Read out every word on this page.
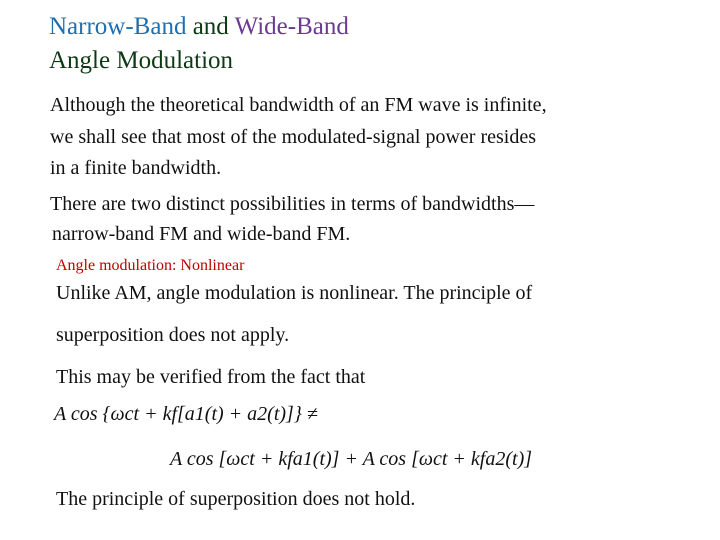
Narrow-Band and Wide-Band
Angle Modulation
Although the theoretical bandwidth of an FM wave is infinite,
we shall see that most of the modulated-signal power resides
in a finite bandwidth.
There are two distinct possibilities in terms of bandwidths—
narrow-band FM and wide-band FM.
Angle modulation: Nonlinear
Unlike AM, angle modulation is nonlinear. The principle of
superposition does not apply.
This may be verified from the fact that
A cos {ωct + kf[a1(t) + a2(t)]} ≠
A cos [ωct + kfa1(t)] + A cos [ωct + kfa2(t)]
The principle of superposition does not hold.
